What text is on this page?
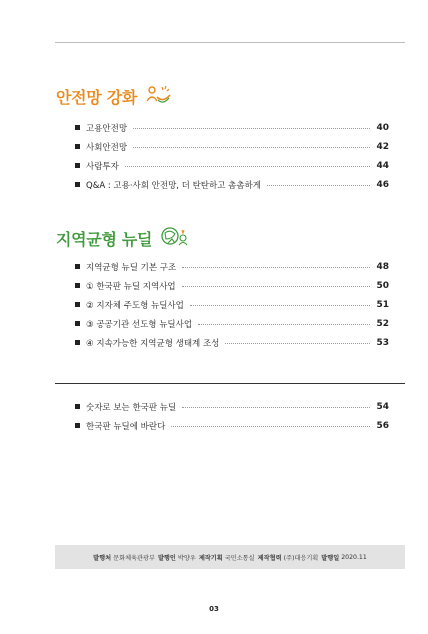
안전망 강화
고용안전망	40
사회안전망	42
사람투자	44
Q&A : 고용·사회 안전망, 더 탄탄하고 촘촘하게	46
지역균형 뉴딜
지역균형 뉴딜 기본 구조	48
① 한국판 뉴딜 지역사업	50
② 지자체 주도형 뉴딜사업	51
③ 공공기관 선도형 뉴딜사업	52
④ 지속가능한 지역균형 생태계 조성	53
숫자로 보는 한국판 뉴딜	54
한국판 뉴딜에 바란다	56
발행처 문화체육관광부 발행인 박양우 제작기획 국민소통실 제작협력 (주)대응기획 발행일 2020.11
03
